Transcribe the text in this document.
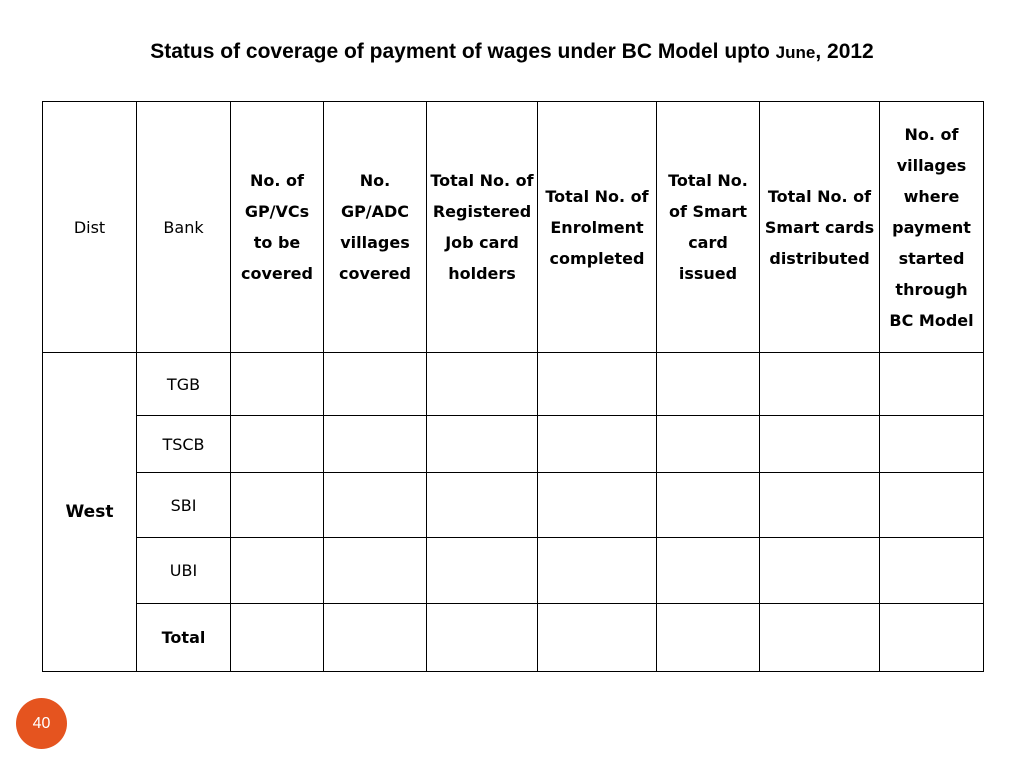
Status of coverage of payment of wages under BC Model upto June, 2012
Dist	Bank	No. of GP/VCs to be covered	No. GP/ADC villages covered	Total No. of Registered Job card holders	Total No. of Enrolment completed	Total No. of Smart card issued	Total No. of Smart cards distributed	No. of villages where payment started through BC Model
West	TGB							
	TSCB							
	SBI							
	UBI							
	Total							
40
